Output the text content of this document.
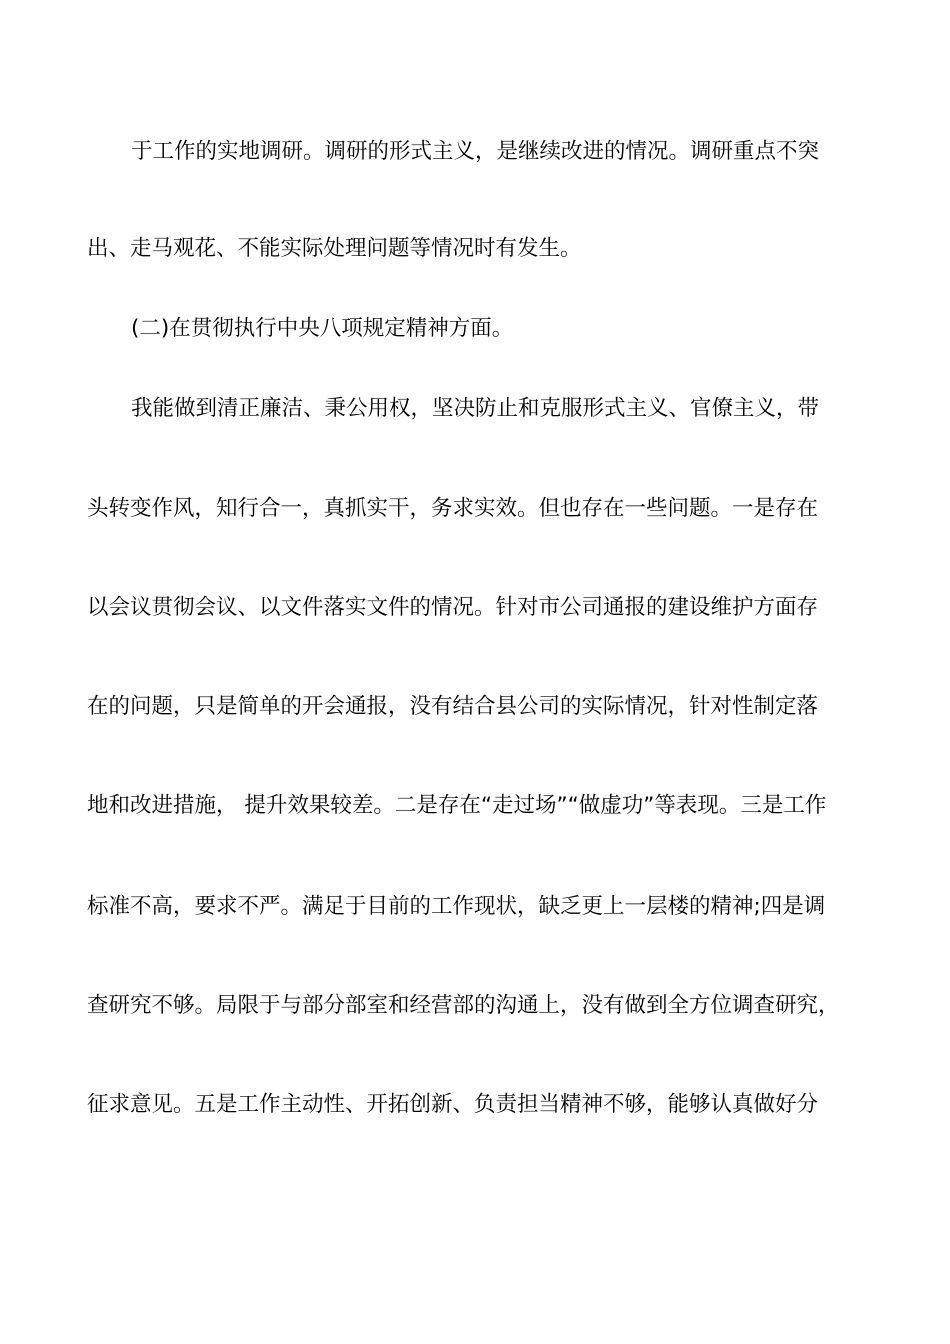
于工作的实地调研。调研的形式主义，是继续改进的情况。调研重点不突
出、走马观花、不能实际处理问题等情况时有发生。
(二)在贯彻执行中央八项规定精神方面。
我能做到清正廉洁、秉公用权，坚决防止和克服形式主义、官僚主义，带
头转变作风，知行合一，真抓实干，务求实效。但也存在一些问题。一是存在
以会议贯彻会议、以文件落实文件的情况。针对市公司通报的建设维护方面存
在的问题，只是简单的开会通报，没有结合县公司的实际情况，针对性制定落
地和改进措施， 提升效果较差。二是存在“走过场”“做虚功”等表现。三是工作
标准不高，要求不严。满足于目前的工作现状，缺乏更上一层楼的精神;四是调
查研究不够。局限于与部分部室和经营部的沟通上，没有做到全方位调查研究，
征求意见。五是工作主动性、开拓创新、负责担当精神不够，能够认真做好分
